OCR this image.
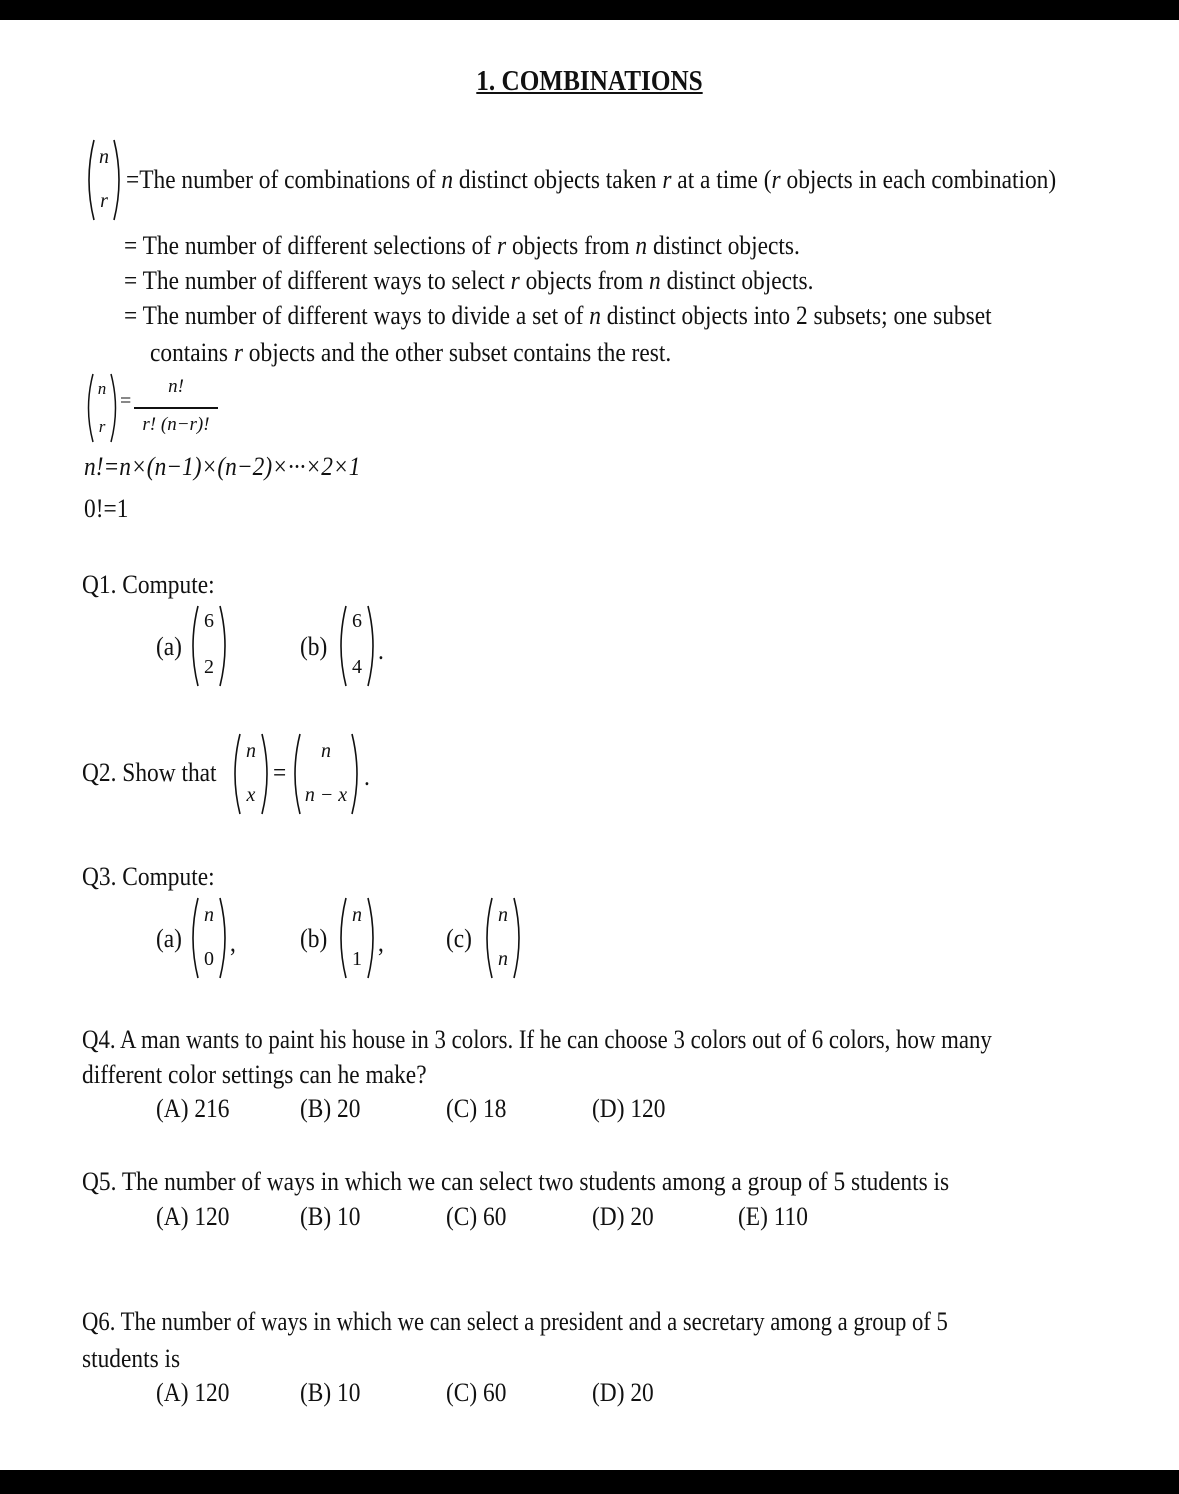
1. COMBINATIONS
n
r
=The number of combinations of n distinct objects taken r at a time (r objects in each combination)
= The number of different selections of r objects from n distinct objects.
= The number of different ways to select r objects from n distinct objects.
= The number of different ways to divide a set of n distinct objects into 2 subsets; one subset
contains r objects and the other subset contains the rest.
n
r
=
n!
r! (n−r)!
n!=n×(n−1)×(n−2)×···×2×1
0!=1
Q1. Compute:
(a)
6
2
(b)
6
4
.
Q2. Show that
n
x
=
n
n − x
.
Q3. Compute:
(a)
n
0
, (b)
n
1
, (c)
n
n
Q4. A man wants to paint his house in 3 colors. If he can choose 3 colors out of 6 colors, how many
different color settings can he make?
(A) 216	(B) 20	(C) 18	(D) 120
Q5. The number of ways in which we can select two students among a group of 5 students is
(A) 120	(B) 10	(C) 60	(D) 20	(E) 110
Q6. The number of ways in which we can select a president and a secretary among a group of 5
students is
(A) 120	(B) 10	(C) 60	(D) 20
